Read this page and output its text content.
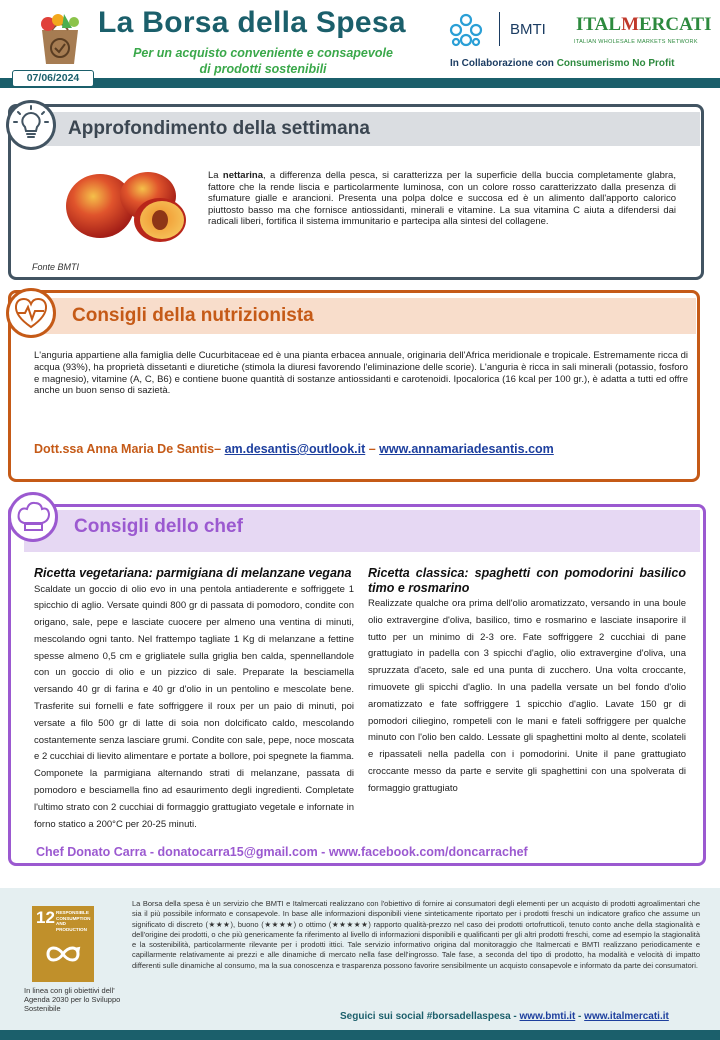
La Borsa della Spesa
Per un acquisto conveniente e consapevole
di prodotti sostenibili
BMTI ITALMERCATI
ITALIAN WHOLESALE MARKETS NETWORK
In Collaborazione con Consumerismo No Profit
07/06/2024
Approfondimento della settimana
La nettarina, a differenza della pesca, si caratterizza per la superficie della buccia completamente glabra, fattore che la rende liscia e particolarmente luminosa, con un colore rosso caratterizzato dalla presenza di sfumature gialle e arancioni. Presenta una polpa dolce e succosa ed è un alimento dall'apporto calorico piuttosto basso ma che fornisce antiossidanti, minerali e vitamine. La sua vitamina C aiuta a difendersi dai radicali liberi, fortifica il sistema immunitario e partecipa alla sintesi del collagene.
Fonte BMTI
Consigli della nutrizionista
L'anguria appartiene alla famiglia delle Cucurbitaceae ed è una pianta erbacea annuale, originaria dell'Africa meridionale e tropicale. Estremamente ricca di acqua (93%), ha proprietà dissetanti e diuretiche (stimola la diuresi favorendo l'eliminazione delle scorie). L'anguria è ricca in sali minerali (potassio, fosforo e magnesio), vitamine (A, C, B6) e contiene buone quantità di sostanze antiossidanti e carotenoidi. Ipocalorica (16 kcal per 100 gr.), è adatta a tutti ed offre anche un buon senso di sazietà.
Dott.ssa Anna Maria De Santis– am.desantis@outlook.it – www.annamariadesantis.com
Consigli dello chef
Ricetta vegetariana: parmigiana di melanzane vegana
Scaldate un goccio di olio evo in una pentola antiaderente e soffriggete 1 spicchio di aglio. Versate quindi 800 gr di passata di pomodoro, condite con origano, sale, pepe e lasciate cuocere per almeno una ventina di minuti, mescolando ogni tanto. Nel frattempo tagliate 1 Kg di melanzane a fettine spesse almeno 0,5 cm e grigliatele sulla griglia ben calda, spennellandole con un goccio di olio e un pizzico di sale. Preparate la besciamella versando 40 gr di farina e 40 gr d'olio in un pentolino e mescolate bene. Trasferite sui fornelli e fate soffriggere il roux per un paio di minuti, poi versate a filo 500 gr di latte di soia non dolcificato caldo, mescolando costantemente senza lasciare grumi. Condite con sale, pepe, noce moscata e 2 cucchiai di lievito alimentare e portate a bollore, poi spegnete la fiamma. Componete la parmigiana alternando strati di melanzane, passata di pomodoro e besciamella fino ad esaurimento degli ingredienti. Completate l'ultimo strato con 2 cucchiai di formaggio grattugiato vegetale e infornate in forno statico a 200°C per 20-25 minuti.
Ricetta classica: spaghetti con pomodorini basilico timo e rosmarino
Realizzate qualche ora prima dell'olio aromatizzato, versando in una boule olio extravergine d'oliva, basilico, timo e rosmarino e lasciate insaporire il tutto per un minimo di 2-3 ore. Fate soffriggere 2 cucchiai di pane grattugiato in padella con 3 spicchi d'aglio, olio extravergine d'oliva, una spruzzata d'aceto, sale ed una punta di zucchero. Una volta croccante, rimuovete gli spicchi d'aglio. In una padella versate un bel fondo d'olio aromatizzato e fate soffriggere 1 spicchio d'aglio. Lavate 150 gr di pomodori ciliegino, rompeteli con le mani e fateli soffriggere per qualche minuto con l'olio ben caldo. Lessate gli spaghettini molto al dente, scolateli e ripassateli nella padella con i pomodorini. Unite il pane grattugiato croccante messo da parte e servite gli spaghettini con una spolverata di formaggio grattugiato
Chef Donato Carra - donatocarra15@gmail.com - www.facebook.com/doncarrachef
12 RESPONSIBLE CONSUMPTION AND PRODUCTION
In linea con gli obiettivi dell' Agenda 2030 per lo Sviluppo Sostenibile
La Borsa della spesa è un servizio che BMTI e Italmercati realizzano con l'obiettivo di fornire ai consumatori degli elementi per un acquisto di prodotti agroalimentari che sia il più possibile informato e consapevole. In base alle informazioni disponibili viene sinteticamente riportato per i prodotti freschi un indicatore grafico che assume un significato di discreto (★★★), buono (★★★★) o ottimo (★★★★★) rapporto qualità-prezzo nel caso dei prodotti ortofrutticoli, tenuto conto anche della stagionalità e dell'origine dei prodotti, o che più genericamente fa riferimento al livello di informazioni disponibili e qualificanti per gli altri prodotti freschi, come ad esempio la stagionalità e la sostenibilità, particolarmente rilevante per i prodotti ittici. Tale servizio informativo origina dal monitoraggio che Italmercati e BMTI realizzano periodicamente e capillarmente relativamente ai prezzi e alle dinamiche di mercato nella fase dell'ingrosso. Tale fase, a seconda del tipo di prodotto, ha modalità e velocità di impatto differenti sulle dinamiche al consumo, ma la sua conoscenza e trasparenza possono favorire sensibilmente un acquisto consapevole e informato da parte dei consumatori.
Seguici sui social #borsadellaspesa - www.bmti.it - www.italmercati.it
